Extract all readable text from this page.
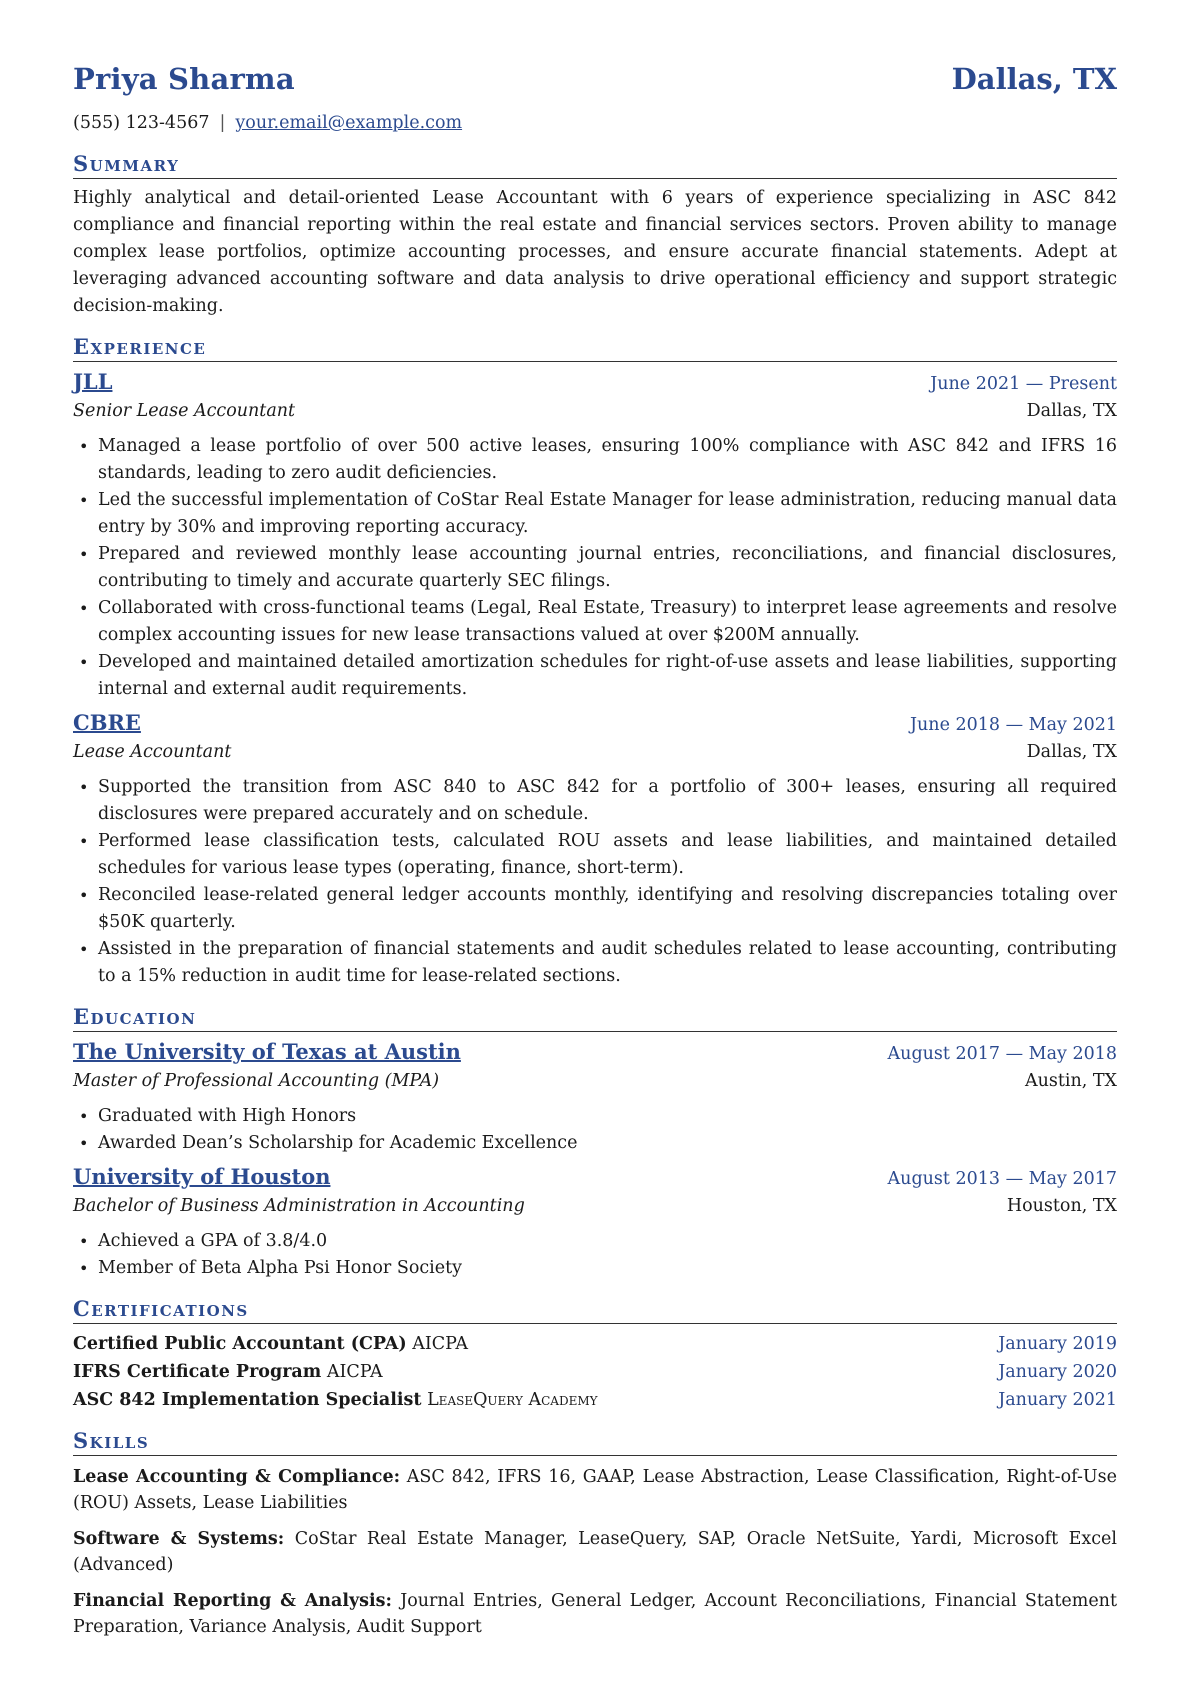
Priya Sharma	Dallas, TX
(555) 123-4567 | your.email@example.com
Summary

Highly analytical and detail-oriented Lease Accountant with 6 years of experience specializing in ASC 842 compliance and financial reporting within the real estate and financial services sectors. Proven ability to manage complex lease portfolios, optimize accounting processes, and ensure accurate financial statements. Adept at leveraging advanced accounting software and data analysis to drive operational efficiency and support strategic decision-making.

Experience
JLL	June 2021 — Present
Senior Lease Accountant	Dallas, TX
• Managed a lease portfolio of over 500 active leases, ensuring 100% compliance with ASC 842 and IFRS 16 standards, leading to zero audit deficiencies.
• Led the successful implementation of CoStar Real Estate Manager for lease administration, reducing manual data entry by 30% and improving reporting accuracy.
• Prepared and reviewed monthly lease accounting journal entries, reconciliations, and financial disclosures, contributing to timely and accurate quarterly SEC filings.
• Collaborated with cross-functional teams (Legal, Real Estate, Treasury) to interpret lease agreements and resolve complex accounting issues for new lease transactions valued at over $200M annually.
• Developed and maintained detailed amortization schedules for right-of-use assets and lease liabilities, supporting internal and external audit requirements.
CBRE	June 2018 — May 2021
Lease Accountant	Dallas, TX
• Supported the transition from ASC 840 to ASC 842 for a portfolio of 300+ leases, ensuring all required disclosures were prepared accurately and on schedule.
• Performed lease classification tests, calculated ROU assets and lease liabilities, and maintained detailed schedules for various lease types (operating, finance, short-term).
• Reconciled lease-related general ledger accounts monthly, identifying and resolving discrepancies totaling over $50K quarterly.
• Assisted in the preparation of financial statements and audit schedules related to lease accounting, contributing to a 15% reduction in audit time for lease-related sections.
Education
The University of Texas at Austin	August 2017 — May 2018
Master of Professional Accounting (MPA)	Austin, TX
• Graduated with High Honors
• Awarded Dean’s Scholarship for Academic Excellence
University of Houston	August 2013 — May 2017
Bachelor of Business Administration in Accounting	Houston, TX
• Achieved a GPA of 3.8/4.0
• Member of Beta Alpha Psi Honor Society
Certifications
Certified Public Accountant (CPA) AICPA	January 2019
IFRS Certificate Program AICPA	January 2020
ASC 842 Implementation Specialist LeaseQuery Academy	January 2021
Skills

Lease Accounting & Compliance: ASC 842, IFRS 16, GAAP, Lease Abstraction, Lease Classification, Right-of-Use (ROU) Assets, Lease Liabilities

Software & Systems: CoStar Real Estate Manager, LeaseQuery, SAP, Oracle NetSuite, Yardi, Microsoft Excel (Advanced)

Financial Reporting & Analysis: Journal Entries, General Ledger, Account Reconciliations, Financial Statement Preparation, Variance Analysis, Audit Support
